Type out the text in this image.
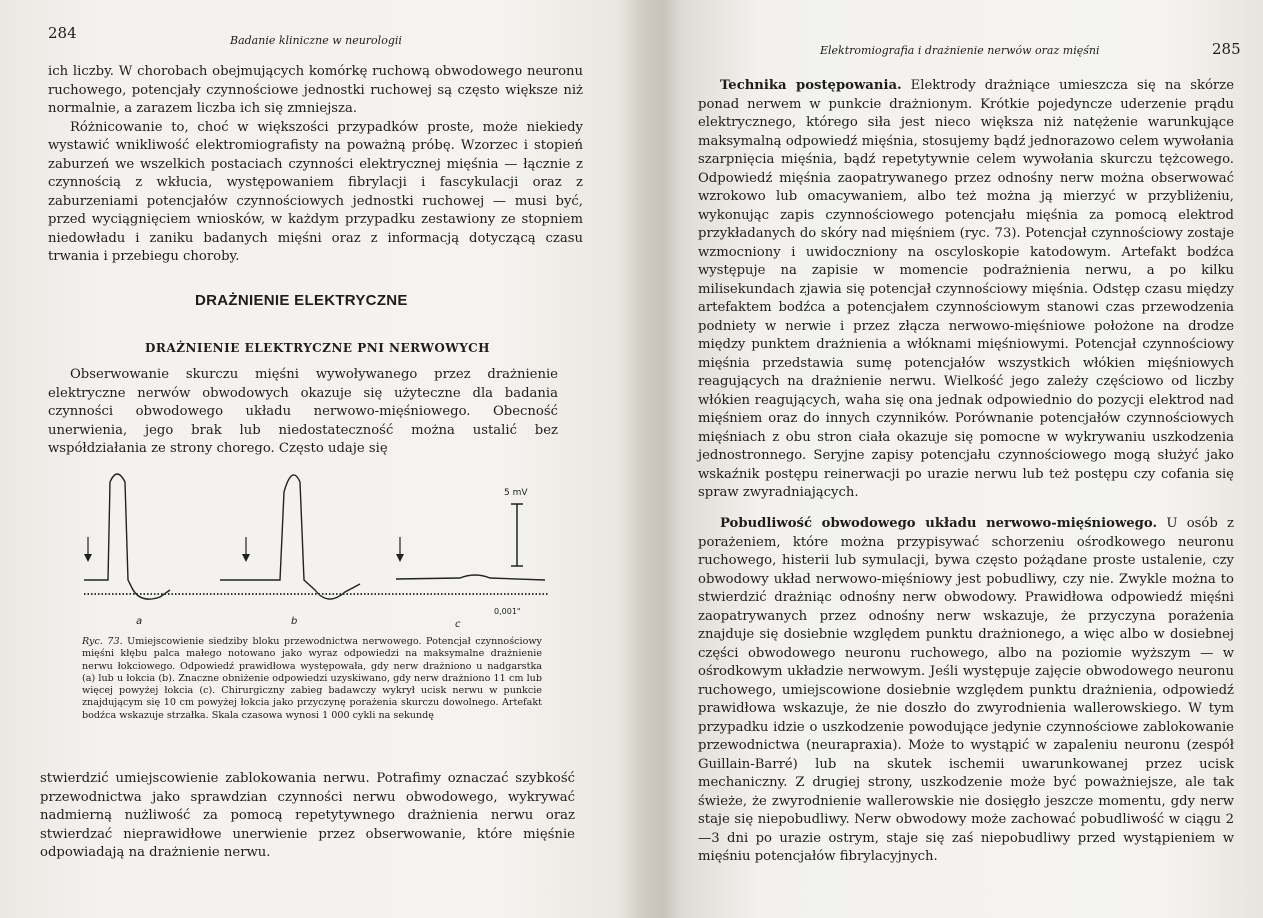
284	Badanie kliniczne w neurologii

ich liczby. W chorobach obejmujących komórkę ruchową obwodowego neuronu ruchowego, potencjały czynnościowe jednostki ruchowej są często większe niż normalnie, a zarazem liczba ich się zmniejsza.

Różnicowanie to, choć w większości przypadków proste, może niekiedy wystawić wnikliwość elektromiografisty na poważną próbę. Wzorzec i stopień zaburzeń we wszelkich postaciach czynności elektrycznej mięśnia — łącznie z czynnością z wkłucia, występowaniem fibrylacji i fascykulacji oraz z zaburzeniami potencjałów czynnościowych jednostki ruchowej — musi być, przed wyciągnięciem wniosków, w każdym przypadku zestawiony ze stopniem niedowładu i zaniku badanych mięśni oraz z informacją dotyczącą czasu trwania i przebiegu choroby.

DRAŻNIENIE ELEKTRYCZNE
DRAŻNIENIE ELEKTRYCZNE PNI NERWOWYCH

Obserwowanie skurczu mięśni wywoływanego przez drażnienie elektryczne nerwów obwodowych okazuje się użyteczne dla badania czynności obwodowego układu nerwowo-mięśniowego. Obecność unerwienia, jego brak lub niedostateczność można ustalić bez współdziałania ze strony chorego. Często udaje się

5 mV
0,001"
a	b	c
Ryc. 73. Umiejscowienie siedziby bloku przewodnictwa nerwowego. Potencjał czynnościowy mięśni kłębu palca małego notowano jako wyraz odpowiedzi na maksymalne drażnienie nerwu łokciowego. Odpowiedź prawidłowa występowała, gdy nerw drażniono u nadgarstka (a) lub u łokcia (b). Znaczne obniżenie odpowiedzi uzyskiwano, gdy nerw drażniono 11 cm lub więcej powyżej łokcia (c). Chirurgiczny zabieg badawczy wykrył ucisk nerwu w punkcie znajdującym się 10 cm powyżej łokcia jako przyczynę porażenia skurczu dowolnego. Artefakt bodźca wskazuje strzałka. Skala czasowa wynosi 1 000 cykli na sekundę

stwierdzić umiejscowienie zablokowania nerwu. Potrafimy oznaczać szybkość przewodnictwa jako sprawdzian czynności nerwu obwodowego, wykrywać nadmierną nużliwość za pomocą repetytywnego drażnienia nerwu oraz stwierdzać nieprawidłowe unerwienie przez obserwowanie, które mięśnie odpowiadają na drażnienie nerwu.

Elektromiografia i drażnienie nerwów oraz mięśni	285

Technika postępowania. Elektrody drażniące umieszcza się na skórze ponad nerwem w punkcie drażnionym. Krótkie pojedyncze uderzenie prądu elektrycznego, którego siła jest nieco większa niż natężenie warunkujące maksymalną odpowiedź mięśnia, stosujemy bądź jednorazowo celem wywołania szarpnięcia mięśnia, bądź repetytywnie celem wywołania skurczu tężcowego. Odpowiedź mięśnia zaopatrywanego przez odnośny nerw można obserwować wzrokowo lub omacywaniem, albo też można ją mierzyć w przybliżeniu, wykonując zapis czynnościowego potencjału mięśnia za pomocą elektrod przykładanych do skóry nad mięśniem (ryc. 73). Potencjał czynnościowy zostaje wzmocniony i uwidoczniony na oscyloskopie katodowym. Artefakt bodźca występuje na zapisie w momencie podrażnienia nerwu, a po kilku milisekundach zjawia się potencjał czynnościowy mięśnia. Odstęp czasu między artefaktem bodźca a potencjałem czynnościowym stanowi czas przewodzenia podniety w nerwie i przez złącza nerwowo-mięśniowe położone na drodze między punktem drażnienia a włóknami mięśniowymi. Potencjał czynnościowy mięśnia przedstawia sumę potencjałów wszystkich włókien mięśniowych reagujących na drażnienie nerwu. Wielkość jego zależy częściowo od liczby włókien reagujących, waha się ona jednak odpowiednio do pozycji elektrod nad mięśniem oraz do innych czynników. Porównanie potencjałów czynnościowych mięśniach z obu stron ciała okazuje się pomocne w wykrywaniu uszkodzenia jednostronnego. Seryjne zapisy potencjału czynnościowego mogą służyć jako wskaźnik postępu reinerwacji po urazie nerwu lub też postępu czy cofania się spraw zwyradniających.

Pobudliwość obwodowego układu nerwowo-mięśniowego. U osób z porażeniem, które można przypisywać schorzeniu ośrodkowego neuronu ruchowego, histerii lub symulacji, bywa często pożądane proste ustalenie, czy obwodowy układ nerwowo-mięśniowy jest pobudliwy, czy nie. Zwykle można to stwierdzić drażniąc odnośny nerw obwodowy. Prawidłowa odpowiedź mięśni zaopatrywanych przez odnośny nerw wskazuje, że przyczyna porażenia znajduje się dosiebnie względem punktu drażnionego, a więc albo w dosiebnej części obwodowego neuronu ruchowego, albo na poziomie wyższym — w ośrodkowym układzie nerwowym. Jeśli występuje zajęcie obwodowego neuronu ruchowego, umiejscowione dosiebnie względem punktu drażnienia, odpowiedź prawidłowa wskazuje, że nie doszło do zwyrodnienia wallerowskiego. W tym przypadku idzie o uszkodzenie powodujące jedynie czynnościowe zablokowanie przewodnictwa (neurapraxia). Może to wystąpić w zapaleniu neuronu (zespół Guillain-Barré) lub na skutek ischemii uwarunkowanej przez ucisk mechaniczny. Z drugiej strony, uszkodzenie może być poważniejsze, ale tak świeże, że zwyrodnienie wallerowskie nie dosięgło jeszcze momentu, gdy nerw staje się niepobudliwy. Nerw obwodowy może zachować pobudliwość w ciągu 2—3 dni po urazie ostrym, staje się zaś niepobudliwy przed wystąpieniem w mięśniu potencjałów fibrylacyjnych.
